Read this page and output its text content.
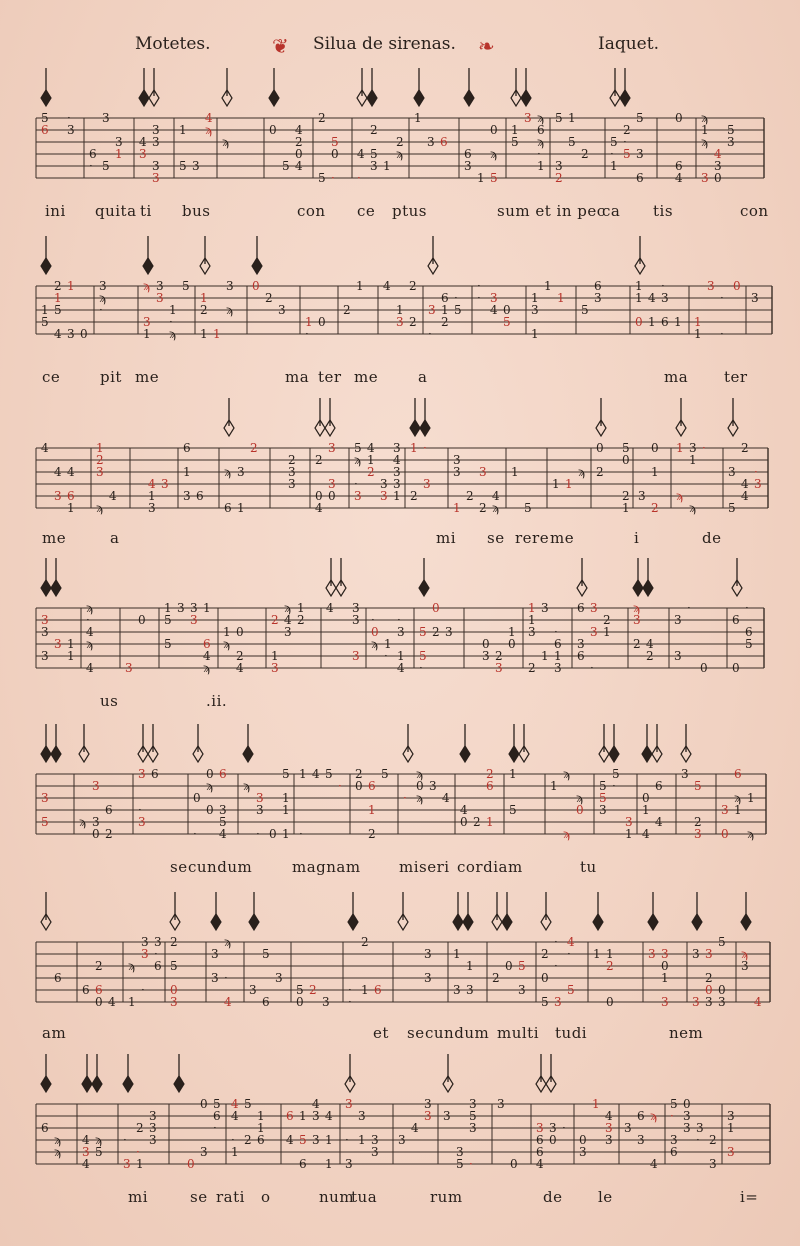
Motetes.	❦ Silua de sirenas. ❧	Iaquet.
5
6
·
3
6
·
3
5
3
1
4
3
3
3
3
3
1
5 3
4
ϡ
ϡ
0
5
4
2
0
4
2
5
5
0
·
4
·
2
5
3 1
2
ϡ
1
3 6
6
3
1
0
ϡ
5
1
5
3 ϡ
6
ϡ
·
1
5
3
2
1
5
2
5
·
1
2
·
5
5
3
6
0
6
4
ϡ
1
ϡ
3
4
3
0
5
3
ini quita ti bus	con ce ptus	sum et in pec
ca tis	con
1
5
2
1
5
4
1
3 0
3
ϡ
·
ϡ
3
1
3
3
1
·
ϡ
5
1
2
1 1
3
ϡ
0
2
3
1
·
0
2
1 4
1
3
2
2
3
·
6
1
2
·
5
·
· 3
4 0
5
1
3
1
1
1
5
6
3
1
1
0
4
1
·
3
6 1 1
1
3
·
·
0
3
ce	pit me	ma ter me	a	ma ter
4
4
3
4
6
1
1
2
3
ϡ
4
4
1
3
3
6
1
3 6
ϡ
6
3
1
2
2
3
3
2
0
4
3
3
0
5
ϡ
·
3
4
1
2
3
3
3
4
3
3
1
1
2
·
3
3
3
1
2
3
2
4
ϡ
1
5
1 1
ϡ
0
2
5
0
2
1
3
0
1
2
1
ϡ
3
1
ϡ
·
3
5
2
4
4
·
3
me	a	mi se rere me	i	de
3
3
3
3 1
1
ϡ
·
4
ϡ
4	3
0
1
5
5
3 3
3
1
6
4
ϡ
1
ϡ
0
2
4
2
1
3
ϡ
4
3
1
2
4 3
3
3
·
0
ϡ 1
·
·
3
1
4
5
5
·
0
2 3
0
3 2
3
1
0
1
1
3
2
3
1
·
6
1
3
6
3
6
3
3
·
2
1
ϡ
3
2 4
2
3
3
·
0
6
0
·
6
5
us	.ii.
3
5	ϡ
3
3
0
6
2
3
·
3
6
0
·
0
ϡ
0
6
3
5
4
ϡ
3
3
· 0
5
1
1
1
1
·
4 5
·
2
0 6
1
2
5
·
ϡ
0
ϡ
3
4
4
0 2
2
6
1
1
5
1
ϡ
ϡ
ϡ
0
5
5
3
5
·
3
1
0
1
4
6
4
3
5
2
3
3
0
6
ϡ
1
1
ϡ
se cundum	magnam	miseri cordiam	tu
6
6
2
6
0 4
ϡ
1
3
3
·
3
·
6
2
5
0
3
3
3
ϡ
·
4
3
5
6
3
5
0
2
3
·
·
2
1 6
3
3
1
3
1
3
2
0 5
3
2
0
5
·
·
3
4
·
5
1 1
2
0
3 3
0
1
3
3
3
3
2
0
3
5
0
3
ϡ
3
4
am	et se cundum multi tudi	nem
6
ϡ
ϡ
4
3
4
ϡ
5
·
3
2
·
1
3
3
3
0
0
3
5
6
·
4
4
·
1
5
2
1
1
6
6
4
1
5
6
4
3
3
4
1
1
3
·
3
3
1 3
3
3
4
3
3 3
3
5
3
5
3
·
3
0
3
6
6
4
3
0
·
0
3
1
4
3
3
3
6
3
ϡ
4
5
·
3
6
0
3
3 3
· 2
3
3
1
3
mi	se rati o	num
tua	rum	de le	i=
